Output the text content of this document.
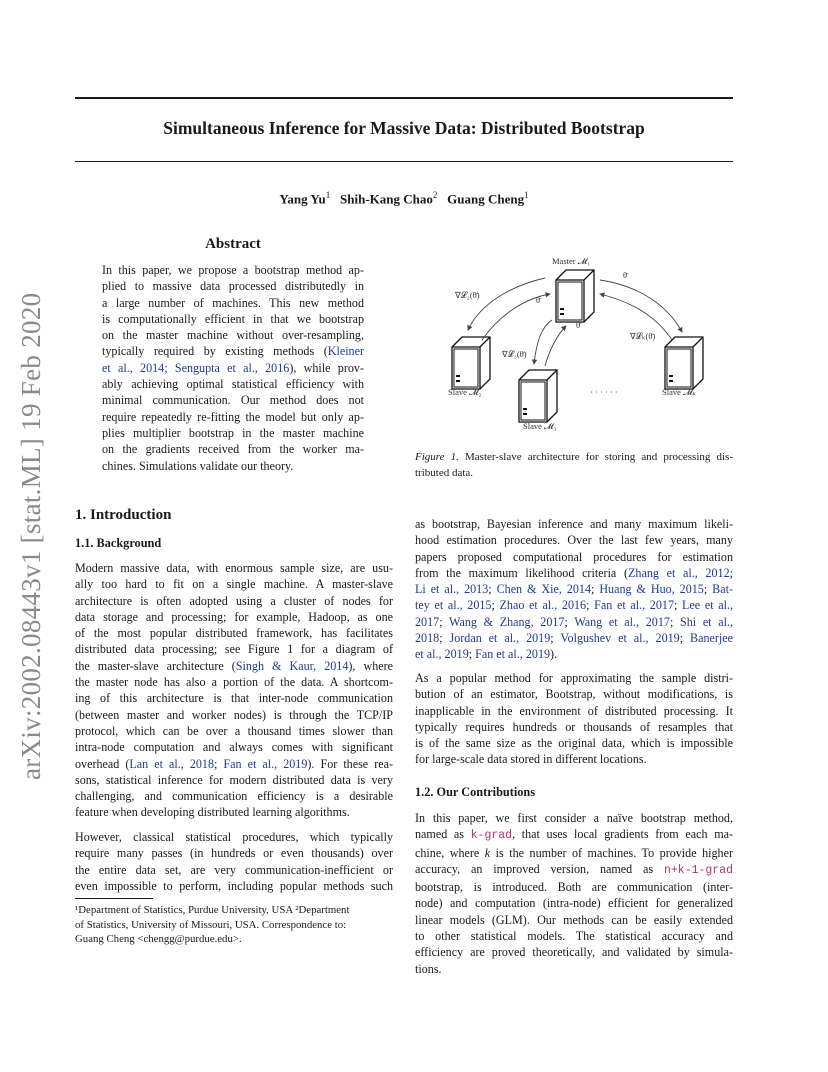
arXiv:2002.08443v1 [stat.ML] 19 Feb 2020
Simultaneous Inference for Massive Data: Distributed Bootstrap
Yang Yu$^1$ Shih-Kang Chao$^2$ Guang Cheng$^1$
Abstract
In this paper, we propose a bootstrap method ap-
plied to massive data processed distributedly in
a large number of machines. This new method
is computationally efficient in that we bootstrap
on the master machine without over-resampling,
typically required by existing methods (Kleiner
et al., 2014; Sengupta et al., 2016), while prov-
ably achieving optimal statistical efficiency with
minimal communication. Our method does not
require repeatedly re-fitting the model but only ap-
plies multiplier bootstrap in the master machine
on the gradients received from the worker ma-
chines. Simulations validate our theory.
Master 𝓜₁
Slave 𝓜₂
Slave 𝓜₃
· · · · · ·	Slave 𝓜ₖ
∇𝓛₂(θ̄)	θ̄
∇𝓛₃(θ̄)
θ̄
θ̄
∇𝓛ₖ(θ̄)
Figure 1. Master-slave architecture for storing and processing dis-
tributed data.
1. Introduction
1.1. Background
Modern massive data, with enormous sample size, are usu-
ally too hard to fit on a single machine. A master-slave
architecture is often adopted using a cluster of nodes for
data storage and processing; for example, Hadoop, as one
of the most popular distributed framework, has facilitates
distributed data processing; see Figure 1 for a diagram of
the master-slave architecture (Singh & Kaur, 2014), where
the master node has also a portion of the data. A shortcom-
ing of this architecture is that inter-node communication
(between master and worker nodes) is through the TCP/IP
protocol, which can be over a thousand times slower than
intra-node computation and always comes with significant
overhead (Lan et al., 2018; Fan et al., 2019). For these rea-
sons, statistical inference for modern distributed data is very
challenging, and communication efficiency is a desirable
feature when developing distributed learning algorithms.
However, classical statistical procedures, which typically
require many passes (in hundreds or even thousands) over
the entire data set, are very communication-inefficient or
even impossible to perform, including popular methods such
¹Department of Statistics, Purdue University, USA ²Department
of Statistics, University of Missouri, USA. Correspondence to:
Guang Cheng <chengg@purdue.edu>.
as bootstrap, Bayesian inference and many maximum likeli-
hood estimation procedures. Over the last few years, many
papers proposed computational procedures for estimation
from the maximum likelihood criteria (Zhang et al., 2012;
Li et al., 2013; Chen & Xie, 2014; Huang & Huo, 2015; Bat-
tey et al., 2015; Zhao et al., 2016; Fan et al., 2017; Lee et al.,
2017; Wang & Zhang, 2017; Wang et al., 2017; Shi et al.,
2018; Jordan et al., 2019; Volgushev et al., 2019; Banerjee
et al., 2019; Fan et al., 2019).
As a popular method for approximating the sample distri-
bution of an estimator, Bootstrap, without modifications, is
inapplicable in the environment of distributed processing. It
typically requires hundreds or thousands of resamples that
is of the same size as the original data, which is impossible
for large-scale data stored in different locations.
1.2. Our Contributions
In this paper, we first consider a naïve bootstrap method,
named as k-grad, that uses local gradients from each ma-
chine, where k is the number of machines. To provide higher
accuracy, an improved version, named as n+k-1-grad
bootstrap, is introduced. Both are communication (inter-
node) and computation (intra-node) efficient for generalized
linear models (GLM). Our methods can be easily extended
to other statistical models. The statistical accuracy and
efficiency are proved theoretically, and validated by simula-
tions.
